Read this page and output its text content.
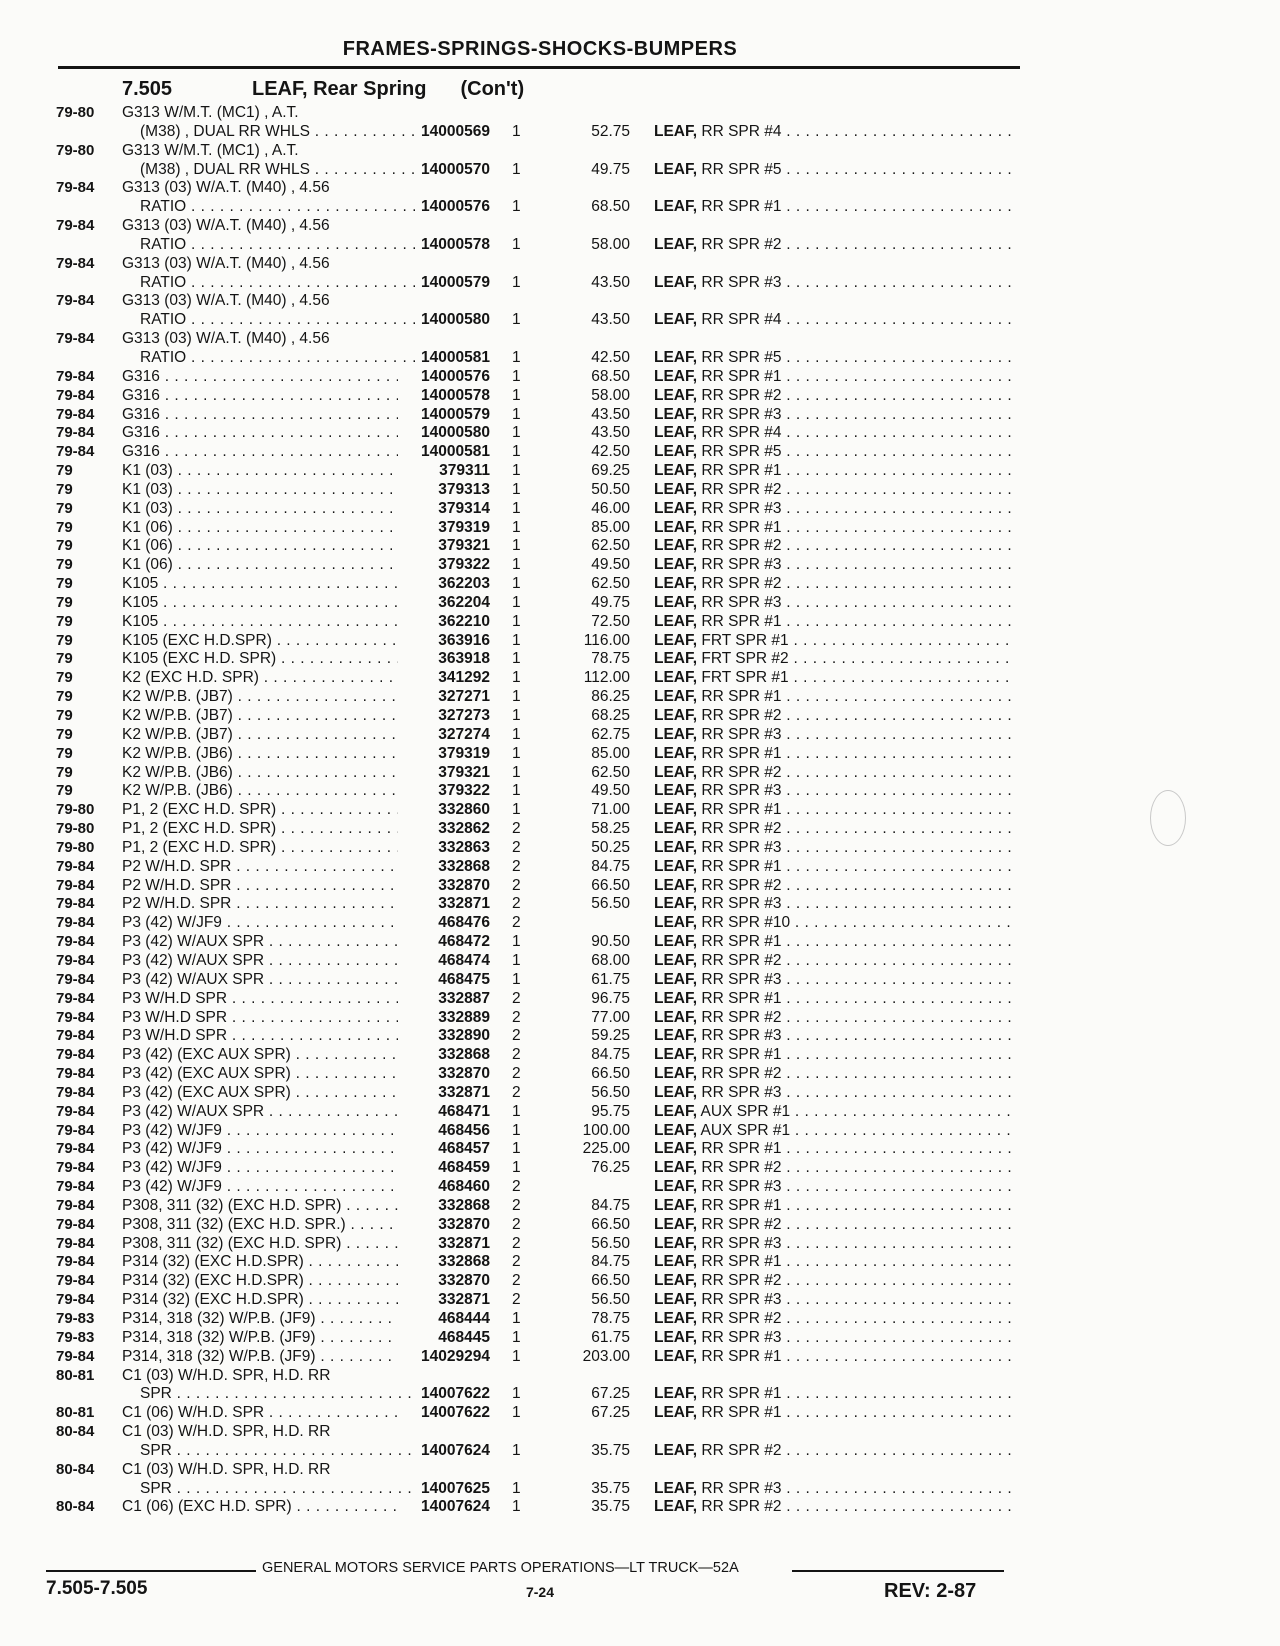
FRAMES-SPRINGS-SHOCKS-BUMPERS
7.505	LEAF, Rear Spring (Con't)
79-80 G313 W/M.T. (MC1) , A.T.
(M38) , DUAL RR WHLS . . .	14000569 1	52.75 LEAF, RR SPR #4 . . .
79-80 G313 W/M.T. (MC1) , A.T.
(M38) , DUAL RR WHLS . . .	14000570 1	49.75 LEAF, RR SPR #5 . . .
79-84 G313 (03) W/A.T. (M40) , 4.56
RATIO . . .	14000576 1	68.50 LEAF, RR SPR #1 . . .
79-84 G313 (03) W/A.T. (M40) , 4.56
RATIO . . .	14000578 1	58.00 LEAF, RR SPR #2 . . .
79-84 G313 (03) W/A.T. (M40) , 4.56
RATIO . . .	14000579 1	43.50 LEAF, RR SPR #3 . . .
79-84 G313 (03) W/A.T. (M40) , 4.56
RATIO . . .	14000580 1	43.50 LEAF, RR SPR #4 . . .
79-84 G313 (03) W/A.T. (M40) , 4.56
RATIO . . .	14000581 1	42.50 LEAF, RR SPR #5 . . .
79-84 G316 . . .	14000576 1	68.50 LEAF, RR SPR #1 . . .
79-84 G316 . . .	14000578 1	58.00 LEAF, RR SPR #2 . . .
79-84 G316 . . .	14000579 1	43.50 LEAF, RR SPR #3 . . .
79-84 G316 . . .	14000580 1	43.50 LEAF, RR SPR #4 . . .
79-84 G316 . . .	14000581 1	42.50 LEAF, RR SPR #5 . . .
79	K1 (03) . . .	379311 1	69.25 LEAF, RR SPR #1 . . .
79	K1 (03) . . .	379313 1	50.50 LEAF, RR SPR #2 . . .
79	K1 (03) . . .	379314 1	46.00 LEAF, RR SPR #3 . . .
79	K1 (06) . . .	379319 1	85.00 LEAF, RR SPR #1 . . .
79	K1 (06) . . .	379321 1	62.50 LEAF, RR SPR #2 . . .
79	K1 (06) . . .	379322 1	49.50 LEAF, RR SPR #3 . . .
79	K105 . . .	362203 1	62.50 LEAF, RR SPR #2 . . .
79	K105 . . .	362204 1	49.75 LEAF, RR SPR #3 . . .
79	K105 . . .	362210 1	72.50 LEAF, RR SPR #1 . . .
79	K105 (EXC H.D.SPR) . . .	363916 1	116.00 LEAF, FRT SPR #1 . . .
79	K105 (EXC H.D. SPR) . . .	363918 1	78.75 LEAF, FRT SPR #2 . . .
79	K2 (EXC H.D. SPR) . . .	341292 1	112.00 LEAF, FRT SPR #1 . . .
79	K2 W/P.B. (JB7) . . .	327271 1	86.25 LEAF, RR SPR #1 . . .
79	K2 W/P.B. (JB7) . . .	327273 1	68.25 LEAF, RR SPR #2 . . .
79	K2 W/P.B. (JB7) . . .	327274 1	62.75 LEAF, RR SPR #3 . . .
79	K2 W/P.B. (JB6) . . .	379319 1	85.00 LEAF, RR SPR #1 . . .
79	K2 W/P.B. (JB6) . . .	379321 1	62.50 LEAF, RR SPR #2 . . .
79	K2 W/P.B. (JB6) . . .	379322 1	49.50 LEAF, RR SPR #3 . . .
79-80 P1, 2 (EXC H.D. SPR) . . .	332860 1	71.00 LEAF, RR SPR #1 . . .
79-80 P1, 2 (EXC H.D. SPR) . . .	332862 2	58.25 LEAF, RR SPR #2 . . .
79-80 P1, 2 (EXC H.D. SPR) . . .	332863 2	50.25 LEAF, RR SPR #3 . . .
79-84 P2 W/H.D. SPR . . .	332868 2	84.75 LEAF, RR SPR #1 . . .
79-84 P2 W/H.D. SPR . . .	332870 2	66.50 LEAF, RR SPR #2 . . .
79-84 P2 W/H.D. SPR . . .	332871 2	56.50 LEAF, RR SPR #3 . . .
79-84 P3 (42) W/JF9 . . .	468476 2	LEAF, RR SPR #10 . . .
79-84 P3 (42) W/AUX SPR . . .	468472 1	90.50 LEAF, RR SPR #1 . . .
79-84 P3 (42) W/AUX SPR . . .	468474 1	68.00 LEAF, RR SPR #2 . . .
79-84 P3 (42) W/AUX SPR . . .	468475 1	61.75 LEAF, RR SPR #3 . . .
79-84 P3 W/H.D SPR . . .	332887 2	96.75 LEAF, RR SPR #1 . . .
79-84 P3 W/H.D SPR . . .	332889 2	77.00 LEAF, RR SPR #2 . . .
79-84 P3 W/H.D SPR . . .	332890 2	59.25 LEAF, RR SPR #3 . . .
79-84 P3 (42) (EXC AUX SPR) . . .	332868 2	84.75 LEAF, RR SPR #1 . . .
79-84 P3 (42) (EXC AUX SPR) . . .	332870 2	66.50 LEAF, RR SPR #2 . . .
79-84 P3 (42) (EXC AUX SPR) . . .	332871 2	56.50 LEAF, RR SPR #3 . . .
79-84 P3 (42) W/AUX SPR . . .	468471 1	95.75 LEAF, AUX SPR #1 . . .
79-84 P3 (42) W/JF9 . . .	468456 1	100.00 LEAF, AUX SPR #1 . . .
79-84 P3 (42) W/JF9 . . .	468457 1	225.00 LEAF, RR SPR #1 . . .
79-84 P3 (42) W/JF9 . . .	468459 1	76.25 LEAF, RR SPR #2 . . .
79-84 P3 (42) W/JF9 . . .	468460 2	LEAF, RR SPR #3 . . .
79-84 P308, 311 (32) (EXC H.D. SPR) . . .	332868 2	84.75 LEAF, RR SPR #1 . . .
79-84 P308, 311 (32) (EXC H.D. SPR.) . . .	332870 2	66.50 LEAF, RR SPR #2 . . .
79-84 P308, 311 (32) (EXC H.D. SPR) . . .	332871 2	56.50 LEAF, RR SPR #3 . . .
79-84 P314 (32) (EXC H.D.SPR) . . .	332868 2	84.75 LEAF, RR SPR #1 . . .
79-84 P314 (32) (EXC H.D.SPR) . . .	332870 2	66.50 LEAF, RR SPR #2 . . .
79-84 P314 (32) (EXC H.D.SPR) . . .	332871 2	56.50 LEAF, RR SPR #3 . . .
79-83 P314, 318 (32) W/P.B. (JF9) . . .	468444 1	78.75 LEAF, RR SPR #2 . . .
79-83 P314, 318 (32) W/P.B. (JF9) . . .	468445 1	61.75 LEAF, RR SPR #3 . . .
79-84 P314, 318 (32) W/P.B. (JF9) . . .	14029294 1	203.00 LEAF, RR SPR #1 . . .
80-81 C1 (03) W/H.D. SPR, H.D. RR
SPR . . .	14007622 1	67.25 LEAF, RR SPR #1 . . .
80-81 C1 (06) W/H.D. SPR . . .	14007622 1	67.25 LEAF, RR SPR #1 . . .
80-84 C1 (03) W/H.D. SPR, H.D. RR
SPR . . .	14007624 1	35.75 LEAF, RR SPR #2 . . .
80-84 C1 (03) W/H.D. SPR, H.D. RR
SPR . . .	14007625 1	35.75 LEAF, RR SPR #3 . . .
80-84 C1 (06) (EXC H.D. SPR) . . .	14007624 1	35.75 LEAF, RR SPR #2 . . .
GENERAL MOTORS SERVICE PARTS OPERATIONS—LT TRUCK—52A
7.505-7.505	7-24	REV: 2-87
